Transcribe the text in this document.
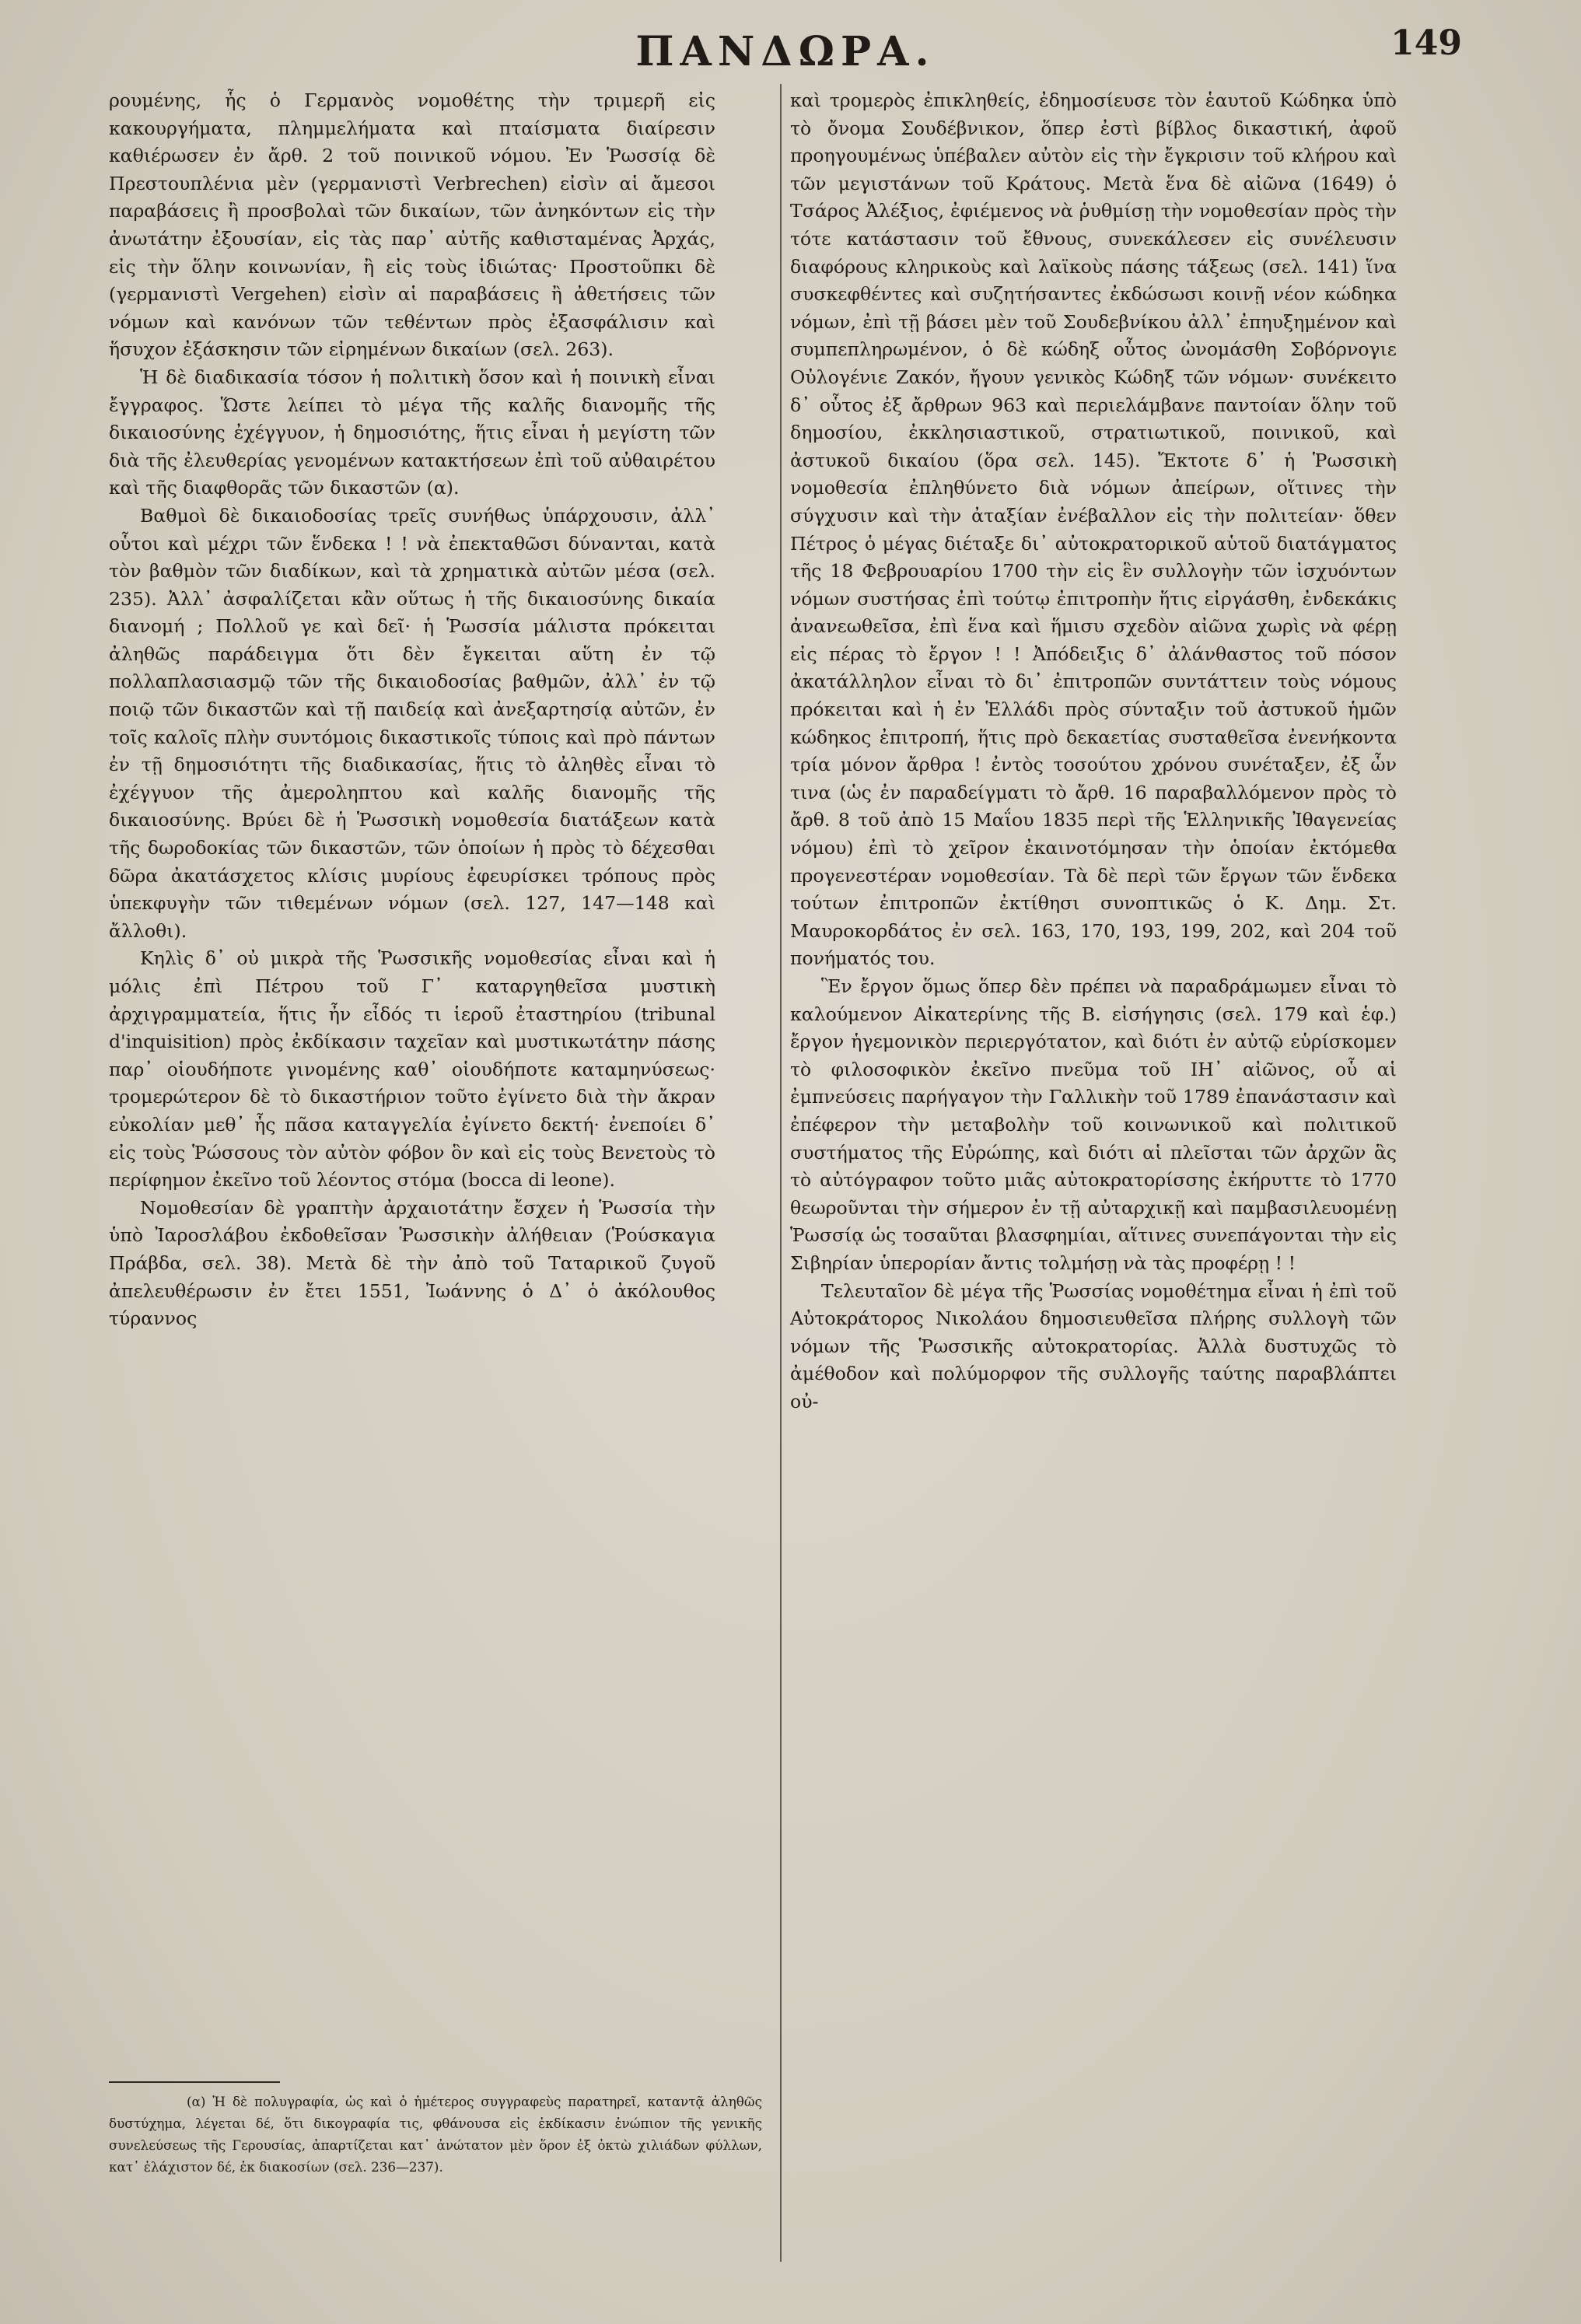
ΠΑΝΔΩΡΑ.	149

ρουμένης, ἧς ὁ Γερμανὸς νομοθέτης τὴν τριμερῆ εἰς κακουργήματα, πλημμελήματα καὶ πταίσματα διαίρεσιν καθιέρωσεν ἐν ἄρθ. 2 τοῦ ποινικοῦ νόμου. Ἐν Ῥωσσίᾳ δὲ Πρεστουπλένια μὲν (γερμανιστὶ Verbrechen) εἰσὶν αἱ ἄμεσοι παραβάσεις ἢ προσβολαὶ τῶν δικαίων, τῶν ἀνηκόντων εἰς τὴν ἀνωτάτην ἐξουσίαν, εἰς τὰς παρ᾽ αὐτῆς καθισταμένας Ἀρχάς, εἰς τὴν ὅλην κοινωνίαν, ἢ εἰς τοὺς ἰδιώτας· Προστοῦπκι δὲ (γερμανιστὶ Vergehen) εἰσὶν αἱ παραβάσεις ἢ ἀθετήσεις τῶν νόμων καὶ κανόνων τῶν τεθέντων πρὸς ἐξασφάλισιν καὶ ἥσυχον ἐξάσκησιν τῶν εἰρημένων δικαίων (σελ. 263).

Ἡ δὲ διαδικασία τόσον ἡ πολιτικὴ ὅσον καὶ ἡ ποινικὴ εἶναι ἔγγραφος. Ὥστε λείπει τὸ μέγα τῆς καλῆς διανομῆς τῆς δικαιοσύνης ἐχέγγυον, ἡ δημοσιότης, ἥτις εἶναι ἡ μεγίστη τῶν διὰ τῆς ἐλευθερίας γενομένων κατακτήσεων ἐπὶ τοῦ αὐθαιρέτου καὶ τῆς διαφθορᾶς τῶν δικαστῶν (α).

Βαθμοὶ δὲ δικαιοδοσίας τρεῖς συνήθως ὑπάρχουσιν, ἀλλ᾽ οὗτοι καὶ μέχρι τῶν ἕνδεκα ! ! νὰ ἐπεκταθῶσι δύνανται, κατὰ τὸν βαθμὸν τῶν διαδίκων, καὶ τὰ χρηματικὰ αὐτῶν μέσα (σελ. 235). Ἀλλ᾽ ἀσφαλίζεται κἂν οὕτως ἡ τῆς δικαιοσύνης δικαία διανομή ; Πολλοῦ γε καὶ δεῖ· ἡ Ῥωσσία μάλιστα πρόκειται ἀληθῶς παράδειγμα ὅτι δὲν ἔγκειται αὕτη ἐν τῷ πολλαπλασιασμῷ τῶν τῆς δικαιοδοσίας βαθμῶν, ἀλλ᾽ ἐν τῷ ποιῷ τῶν δικαστῶν καὶ τῇ παιδείᾳ καὶ ἀνεξαρτησίᾳ αὐτῶν, ἐν τοῖς καλοῖς πλὴν συντόμοις δικαστικοῖς τύποις καὶ πρὸ πάντων ἐν τῇ δημοσιότητι τῆς διαδικασίας, ἥτις τὸ ἀληθὲς εἶναι τὸ ἐχέγγυον τῆς ἀμεροληπτου καὶ καλῆς διανομῆς τῆς δικαιοσύνης. Βρύει δὲ ἡ Ῥωσσικὴ νομοθεσία διατάξεων κατὰ τῆς δωροδοκίας τῶν δικαστῶν, τῶν ὁποίων ἡ πρὸς τὸ δέχεσθαι δῶρα ἀκατάσχετος κλίσις μυρίους ἐφευρίσκει τρόπους πρὸς ὑπεκφυγὴν τῶν τιθεμένων νόμων (σελ. 127, 147—148 καὶ ἄλλοθι).

Κηλὶς δ᾽ οὐ μικρὰ τῆς Ῥωσσικῆς νομοθεσίας εἶναι καὶ ἡ μόλις ἐπὶ Πέτρου τοῦ Γ᾽ καταργηθεῖσα μυστικὴ ἀρχιγραμματεία, ἥτις ἦν εἶδός τι ἱεροῦ ἐταστηρίου (tribunal d'inquisition) πρὸς ἐκδίκασιν ταχεῖαν καὶ μυστικωτάτην πάσης παρ᾽ οἱουδήποτε γινομένης καθ᾽ οἱουδήποτε καταμηνύσεως· τρομερώτερον δὲ τὸ δικαστήριον τοῦτο ἐγίνετο διὰ τὴν ἄκραν εὐκολίαν μεθ᾽ ἧς πᾶσα καταγγελία ἐγίνετο δεκτή· ἐνεποίει δ᾽ εἰς τοὺς Ῥώσσους τὸν αὐτὸν φόβον ὃν καὶ εἰς τοὺς Βενετοὺς τὸ περίφημον ἐκεῖνο τοῦ λέοντος στόμα (bocca di leone).

Νομοθεσίαν δὲ γραπτὴν ἀρχαιοτάτην ἔσχεν ἡ Ῥωσσία τὴν ὑπὸ Ἰαροσλάβου ἐκδοθεῖσαν Ῥωσσικὴν ἀλήθειαν (Ῥούσκαγια Πράβδα, σελ. 38). Μετὰ δὲ τὴν ἀπὸ τοῦ Ταταρικοῦ ζυγοῦ ἀπελευθέρωσιν ἐν ἔτει 1551, Ἰωάννης ὁ Δ᾽ ὁ ἀκόλουθος τύραννος

καὶ τρομερὸς ἐπικληθείς, ἐδημοσίευσε τὸν ἑαυτοῦ Κώδηκα ὑπὸ τὸ ὄνομα Σουδέβνικον, ὅπερ ἐστὶ βίβλος δικαστική, ἀφοῦ προηγουμένως ὑπέβαλεν αὐτὸν εἰς τὴν ἔγκρισιν τοῦ κλήρου καὶ τῶν μεγιστάνων τοῦ Κράτους. Μετὰ ἕνα δὲ αἰῶνα (1649) ὁ Τσάρος Ἀλέξιος, ἐφιέμενος νὰ ῥυθμίσῃ τὴν νομοθεσίαν πρὸς τὴν τότε κατάστασιν τοῦ ἔθνους, συνεκάλεσεν εἰς συνέλευσιν διαφόρους κληρικοὺς καὶ λαϊκοὺς πάσης τάξεως (σελ. 141) ἵνα συσκεφθέντες καὶ συζητήσαντες ἐκδώσωσι κοινῇ νέον κώδηκα νόμων, ἐπὶ τῇ βάσει μὲν τοῦ Σουδεβνίκου ἀλλ᾽ ἐπηυξημένον καὶ συμπεπληρωμένον, ὁ δὲ κώδηξ οὗτος ὠνομάσθη Σοβόρνογιε Οὐλογένιε Ζακόν, ἤγουν γενικὸς Κώδηξ τῶν νόμων· συνέκειτο δ᾽ οὗτος ἐξ ἄρθρων 963 καὶ περιελάμβανε παντοίαν ὅλην τοῦ δημοσίου, ἐκκλησιαστικοῦ, στρατιωτικοῦ, ποινικοῦ, καὶ ἀστυκοῦ δικαίου (ὅρα σελ. 145). Ἔκτοτε δ᾽ ἡ Ῥωσσικὴ νομοθεσία ἐπληθύνετο διὰ νόμων ἀπείρων, οἵτινες τὴν σύγχυσιν καὶ τὴν ἀταξίαν ἐνέβαλλον εἰς τὴν πολιτείαν· ὅθεν Πέτρος ὁ μέγας διέταξε δι᾽ αὐτοκρατορικοῦ αὑτοῦ διατάγματος τῆς 18 Φεβρουαρίου 1700 τὴν εἰς ἓν συλλογὴν τῶν ἰσχυόντων νόμων συστήσας ἐπὶ τούτῳ ἐπιτροπὴν ἥτις εἰργάσθη, ἐνδεκάκις ἀνανεωθεῖσα, ἐπὶ ἕνα καὶ ἥμισυ σχεδὸν αἰῶνα χωρὶς νὰ φέρῃ εἰς πέρας τὸ ἔργον ! ! Ἀπόδειξις δ᾽ ἀλάνθαστος τοῦ πόσον ἀκατάλληλον εἶναι τὸ δι᾽ ἐπιτροπῶν συντάττειν τοὺς νόμους πρόκειται καὶ ἡ ἐν Ἑλλάδι πρὸς σύνταξιν τοῦ ἀστυκοῦ ἡμῶν κώδηκος ἐπιτροπή, ἥτις πρὸ δεκαετίας συσταθεῖσα ἐνενήκοντα τρία μόνον ἄρθρα ! ἐντὸς τοσούτου χρόνου συνέταξεν, ἐξ ὧν τινα (ὡς ἐν παραδείγματι τὸ ἄρθ. 16 παραβαλλόμενον πρὸς τὸ ἄρθ. 8 τοῦ ἀπὸ 15 Μαΐου 1835 περὶ τῆς Ἑλληνικῆς Ἰθαγενείας νόμου) ἐπὶ τὸ χεῖρον ἐκαινοτόμησαν τὴν ὁποίαν ἐκτόμεθα προγενεστέραν νομοθεσίαν. Τὰ δὲ περὶ τῶν ἔργων τῶν ἕνδεκα τούτων ἐπιτροπῶν ἐκτίθησι συνοπτικῶς ὁ Κ. Δημ. Στ. Μαυροκορδάτος ἐν σελ. 163, 170, 193, 199, 202, καὶ 204 τοῦ πονήματός του.

Ἓν ἔργον ὅμως ὅπερ δὲν πρέπει νὰ παραδράμωμεν εἶναι τὸ καλούμενον Αἰκατερίνης τῆς Β. εἰσήγησις (σελ. 179 καὶ ἑφ.) ἔργον ἡγεμονικὸν περιεργότατον, καὶ διότι ἐν αὐτῷ εὑρίσκομεν τὸ φιλοσοφικὸν ἐκεῖνο πνεῦμα τοῦ ΙΗ᾽ αἰῶνος, οὗ αἱ ἐμπνεύσεις παρήγαγον τὴν Γαλλικὴν τοῦ 1789 ἐπανάστασιν καὶ ἐπέφερον τὴν μεταβολὴν τοῦ κοινωνικοῦ καὶ πολιτικοῦ συστήματος τῆς Εὐρώπης, καὶ διότι αἱ πλεῖσται τῶν ἀρχῶν ἃς τὸ αὐτόγραφον τοῦτο μιᾶς αὐτοκρατορίσσης ἐκήρυττε τὸ 1770 θεωροῦνται τὴν σήμερον ἐν τῇ αὐταρχικῇ καὶ παμβασιλευομένῃ Ῥωσσίᾳ ὡς τοσαῦται βλασφημίαι, αἵτινες συνεπάγονται τὴν εἰς Σιβηρίαν ὑπερορίαν ἄντις τολμήσῃ νὰ τὰς προφέρῃ ! !

Τελευταῖον δὲ μέγα τῆς Ῥωσσίας νομοθέτημα εἶναι ἡ ἐπὶ τοῦ Αὐτοκράτορος Νικολάου δημοσιευθεῖσα πλήρης συλλογὴ τῶν νόμων τῆς Ῥωσσικῆς αὐτοκρατορίας. Ἀλλὰ δυστυχῶς τὸ ἀμέθοδον καὶ πολύμορφον τῆς συλλογῆς ταύτης παραβλάπτει οὐ-

(α) Ἡ δὲ πολυγραφία, ὡς καὶ ὁ ἡμέτερος συγγραφεὺς παρατηρεῖ, καταντᾷ ἀληθῶς δυστύχημα, λέγεται δέ, ὅτι δικογραφία τις, φθάνουσα εἰς ἐκδίκασιν ἐνώπιον τῆς γενικῆς συνελεύσεως τῆς Γερουσίας, ἀπαρτίζεται κατ᾽ ἀνώτατον μὲν ὅρον ἐξ ὀκτὼ χιλιάδων φύλλων, κατ᾽ ἐλάχιστον δέ, ἐκ διακοσίων (σελ. 236—237).
